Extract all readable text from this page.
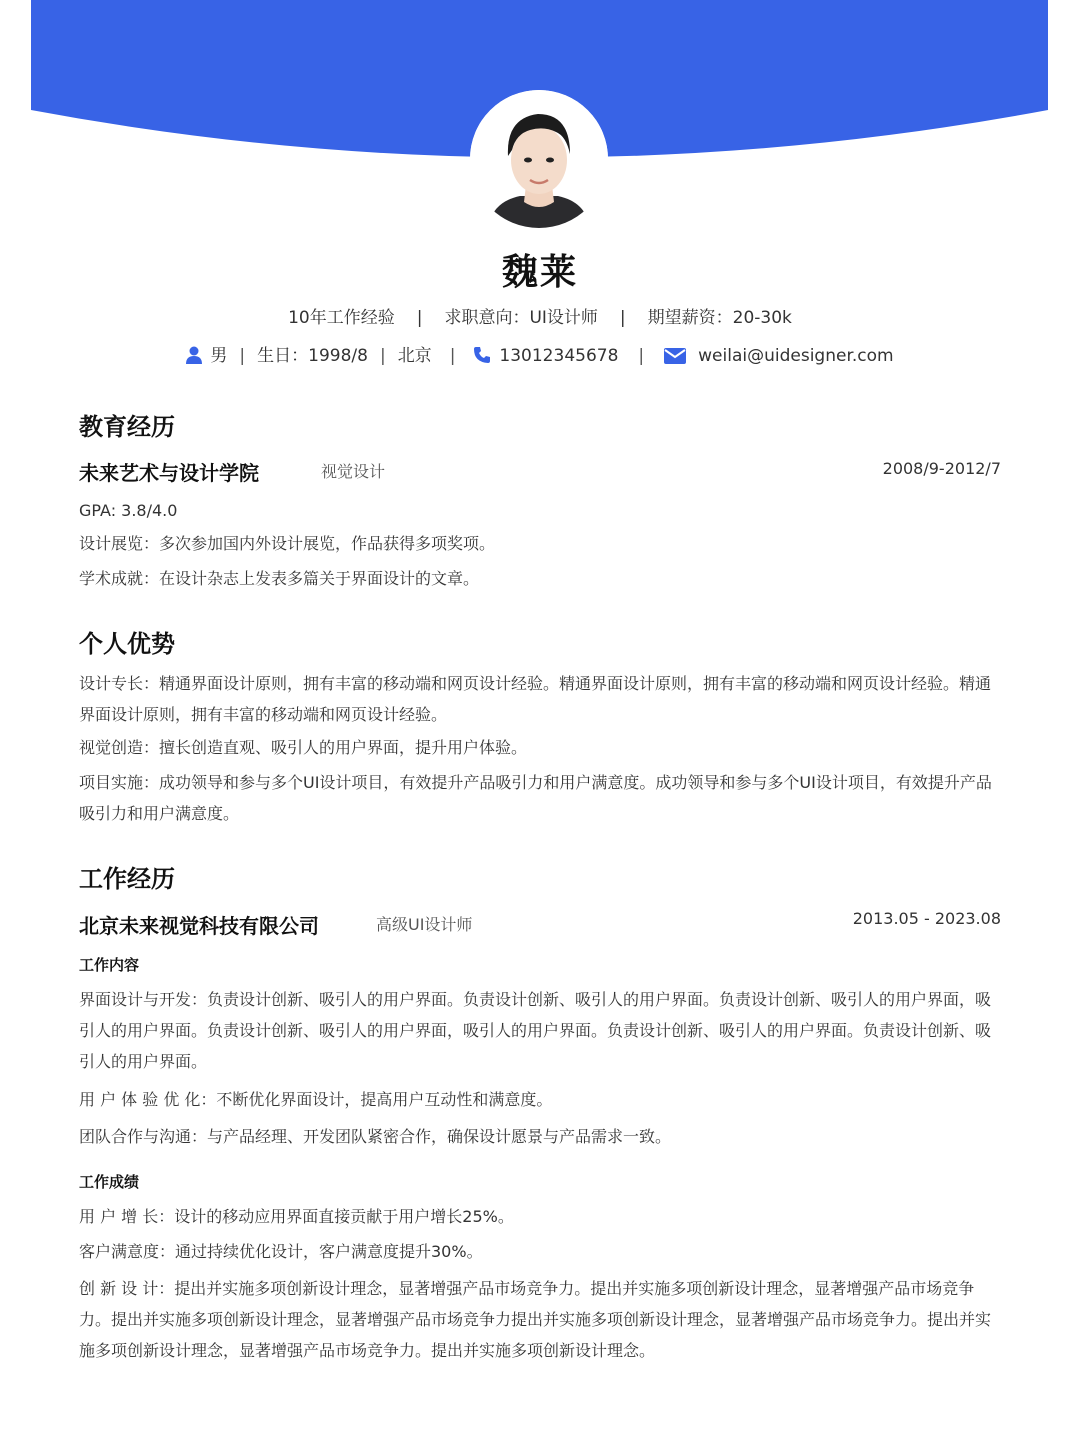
魏莱
10年工作经验 | 求职意向：UI设计师 | 期望薪资：20-30k
男 | 生日：1998/8 | 北京 |	13012345678 |	weilai@uidesigner.com
教育经历
未来艺术与设计学院	视觉设计	2008/9-2012/7
GPA: 3.8/4.0
设计展览：多次参加国内外设计展览，作品获得多项奖项。
学术成就：在设计杂志上发表多篇关于界面设计的文章。
个人优势
设计专长：精通界面设计原则，拥有丰富的移动端和网页设计经验。精通界面设计原则，拥有丰富的移动端和网页设计经验。精通界面设计原则，拥有丰富的移动端和网页设计经验。
视觉创造：擅长创造直观、吸引人的用户界面，提升用户体验。
项目实施：成功领导和参与多个UI设计项目，有效提升产品吸引力和用户满意度。成功领导和参与多个UI设计项目，有效提升产品吸引力和用户满意度。
工作经历
北京未来视觉科技有限公司	高级UI设计师	2013.05 - 2023.08
工作内容
界面设计与开发：负责设计创新、吸引人的用户界面。负责设计创新、吸引人的用户界面。负责设计创新、吸引人的用户界面，吸引人的用户界面。负责设计创新、吸引人的用户界面，吸引人的用户界面。负责设计创新、吸引人的用户界面。负责设计创新、吸引人的用户界面。
用 户 体 验 优 化：不断优化界面设计，提高用户互动性和满意度。
团队合作与沟通：与产品经理、开发团队紧密合作，确保设计愿景与产品需求一致。
工作成绩
用 户 增 长：设计的移动应用界面直接贡献于用户增长25%。
客户满意度：通过持续优化设计，客户满意度提升30%。
创 新 设 计：提出并实施多项创新设计理念，显著增强产品市场竞争力。提出并实施多项创新设计理念，显著增强产品市场竞争力。提出并实施多项创新设计理念，显著增强产品市场竞争力提出并实施多项创新设计理念，显著增强产品市场竞争力。提出并实施多项创新设计理念，显著增强产品市场竞争力。提出并实施多项创新设计理念。
